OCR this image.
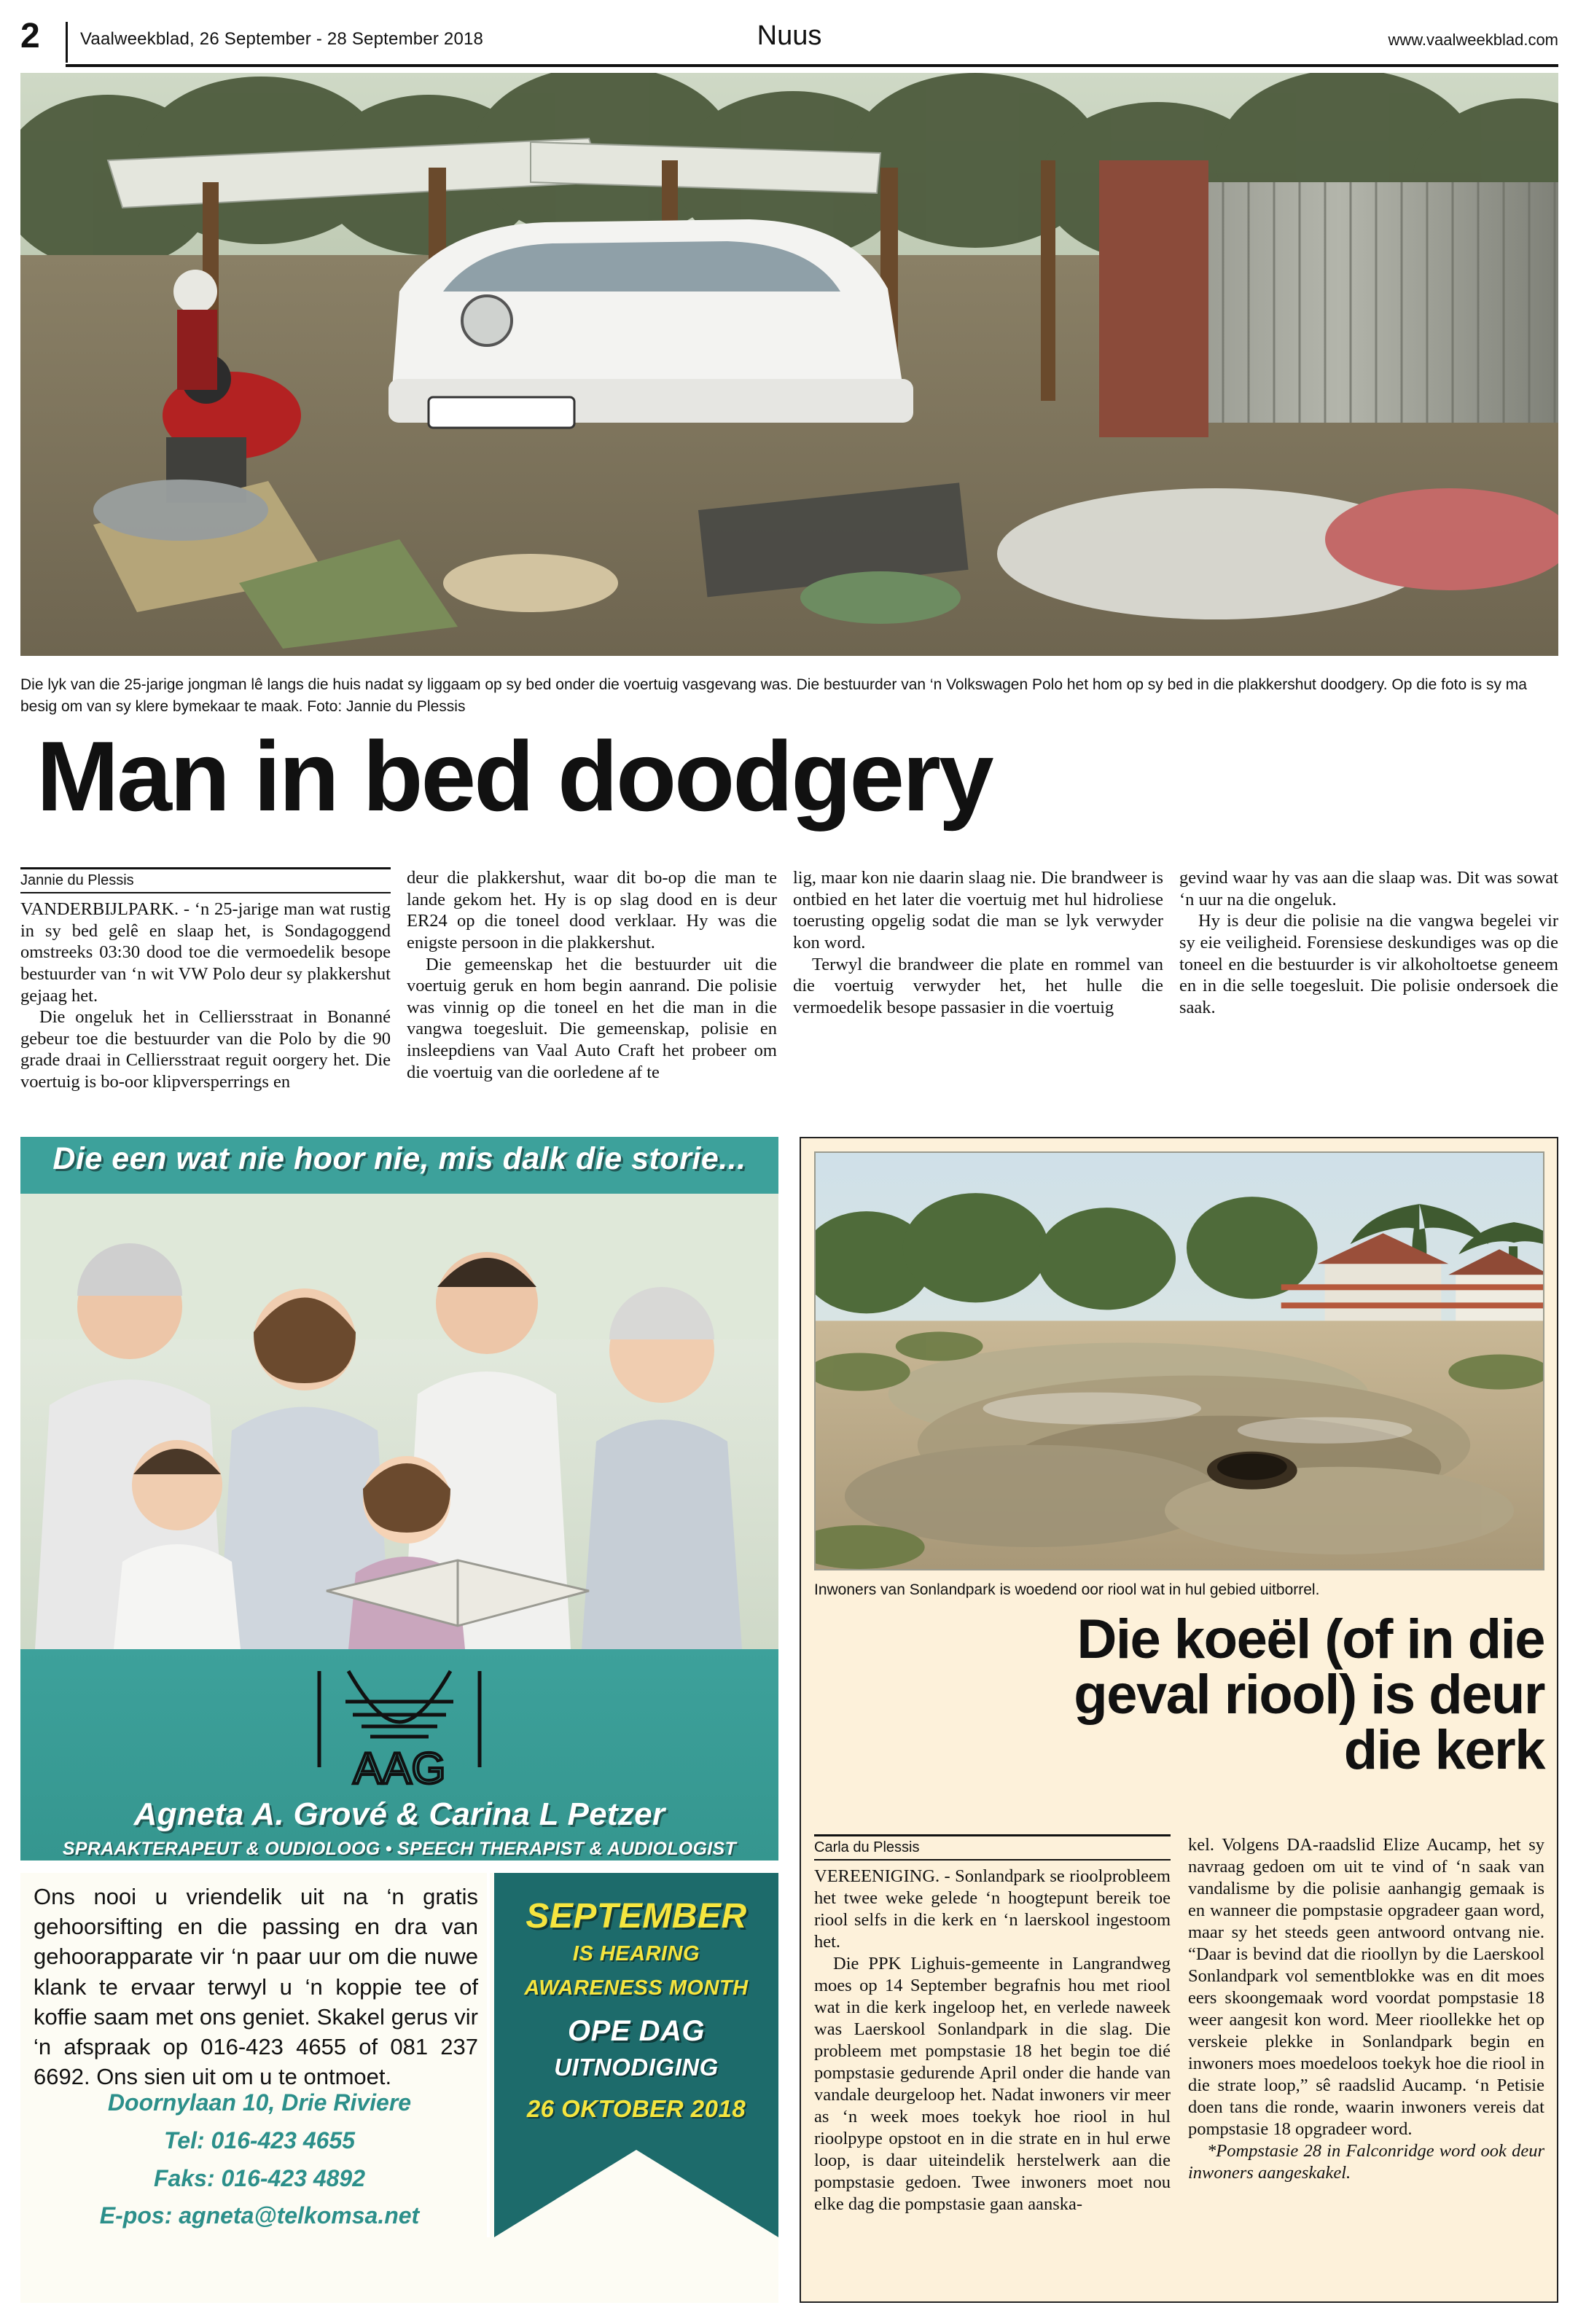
2 Vaalweekblad, 26 September - 28 September 2018	Nuus	www.vaalweekblad.com
Die lyk van die 25-jarige jongman lê langs die huis nadat sy liggaam op sy bed onder die voertuig vasgevang was. Die bestuurder van ‘n Volkswagen Polo het hom op sy bed in die plakkershut doodgery. Op die foto is sy ma besig om van sy klere bymekaar te maak. Foto: Jannie du Plessis
Man in bed doodgery
Jannie du Plessis

VANDERBIJLPARK. - ‘n 25-jarige man wat rustig in sy bed gelê en slaap het, is Sondagoggend omstreeks 03:30 dood toe die vermoedelik besope bestuurder van ‘n wit VW Polo deur sy plakkershut gejaag het.

Die ongeluk het in Celliersstraat in Bonanné gebeur toe die bestuurder van die Polo by die 90 grade draai in Celliersstraat reguit oorgery het. Die voertuig is bo-oor klipversperrings en

deur die plakkershut, waar dit bo-op die man te lande gekom het. Hy is op slag dood en is deur ER24 op die toneel dood verklaar. Hy was die enigste persoon in die plakkershut.

Die gemeenskap het die bestuurder uit die voertuig geruk en hom begin aanrand. Die polisie was vinnig op die toneel en het die man in die vangwa toegesluit. Die gemeenskap, polisie en insleepdiens van Vaal Auto Craft het probeer om die voertuig van die oorledene af te

lig, maar kon nie daarin slaag nie. Die brandweer is ontbied en het later die voertuig met hul hidroliese toerusting opgelig sodat die man se lyk verwyder kon word.

Terwyl die brandweer die plate en rommel van die voertuig verwyder het, het hulle die vermoedelik besope passasier in die voertuig

gevind waar hy vas aan die slaap was. Dit was sowat ‘n uur na die ongeluk.

Hy is deur die polisie na die vangwa begelei vir sy eie veiligheid. Forensiese deskundiges was op die toneel en die bestuurder is vir alkoholtoetse geneem en in die selle toegesluit. Die polisie ondersoek die saak.

Die een wat nie hoor nie, mis dalk die storie...
AAG
Agneta A. Grové & Carina L Petzer
SPRAAKTERAPEUT & OUDIOLOOG • SPEECH THERAPIST & AUDIOLOGIST
Ons nooi u vriendelik uit na ‘n gratis gehoorsifting en die passing en dra van gehoorapparate vir ‘n paar uur om die nuwe klank te ervaar terwyl u ‘n koppie tee of koffie saam met ons geniet. Skakel gerus vir ‘n afspraak op 016-423 4655 of 081 237 6692. Ons sien uit om u te ontmoet.
Doornylaan 10, Drie Riviere
Tel: 016-423 4655
Faks: 016-423 4892
E-pos: agneta@telkomsa.net
SEPTEMBER
IS HEARING
AWARENESS MONTH
OPE DAG
UITNODIGING
26 OKTOBER 2018
Inwoners van Sonlandpark is woedend oor riool wat in hul gebied uitborrel.
Die koeël (of in die
geval riool) is deur
die kerk
Carla du Plessis

VEREENIGING. - Sonlandpark se rioolprobleem het twee weke gelede ‘n hoogtepunt bereik toe riool selfs in die kerk en ‘n laerskool ingestoom het.

Die PPK Lighuis-gemeente in Langrandweg moes op 14 September begrafnis hou met riool wat in die kerk ingeloop het, en verlede naweek was Laerskool Sonlandpark in die slag. Die probleem met pompstasie 18 het begin toe dié pompstasie gedurende April onder die hande van vandale deurgeloop het. Nadat inwoners vir meer as ‘n week moes toekyk hoe riool in hul rioolpype opstoot en in die strate en in hul erwe loop, is daar uiteindelik herstelwerk aan die pompstasie gedoen. Twee inwoners moet nou elke dag die pompstasie gaan aanska-

kel. Volgens DA-raadslid Elize Aucamp, het sy navraag gedoen om uit te vind of ‘n saak van vandalisme by die polisie aanhangig gemaak is en wanneer die pompstasie opgradeer gaan word, maar sy het steeds geen antwoord ontvang nie. “Daar is bevind dat die rioollyn by die Laerskool Sonlandpark vol sementblokke was en dit moes eers skoongemaak word voordat pompstasie 18 weer aangesit kon word. Meer rioollekke het op verskeie plekke in Sonlandpark begin en inwoners moes moedeloos toekyk hoe die riool in die strate loop,” sê raadslid Aucamp. ‘n Petisie doen tans die ronde, waarin inwoners vereis dat pompstasie 18 opgradeer word.

*Pompstasie 28 in Falconridge word ook deur inwoners aangeskakel.
